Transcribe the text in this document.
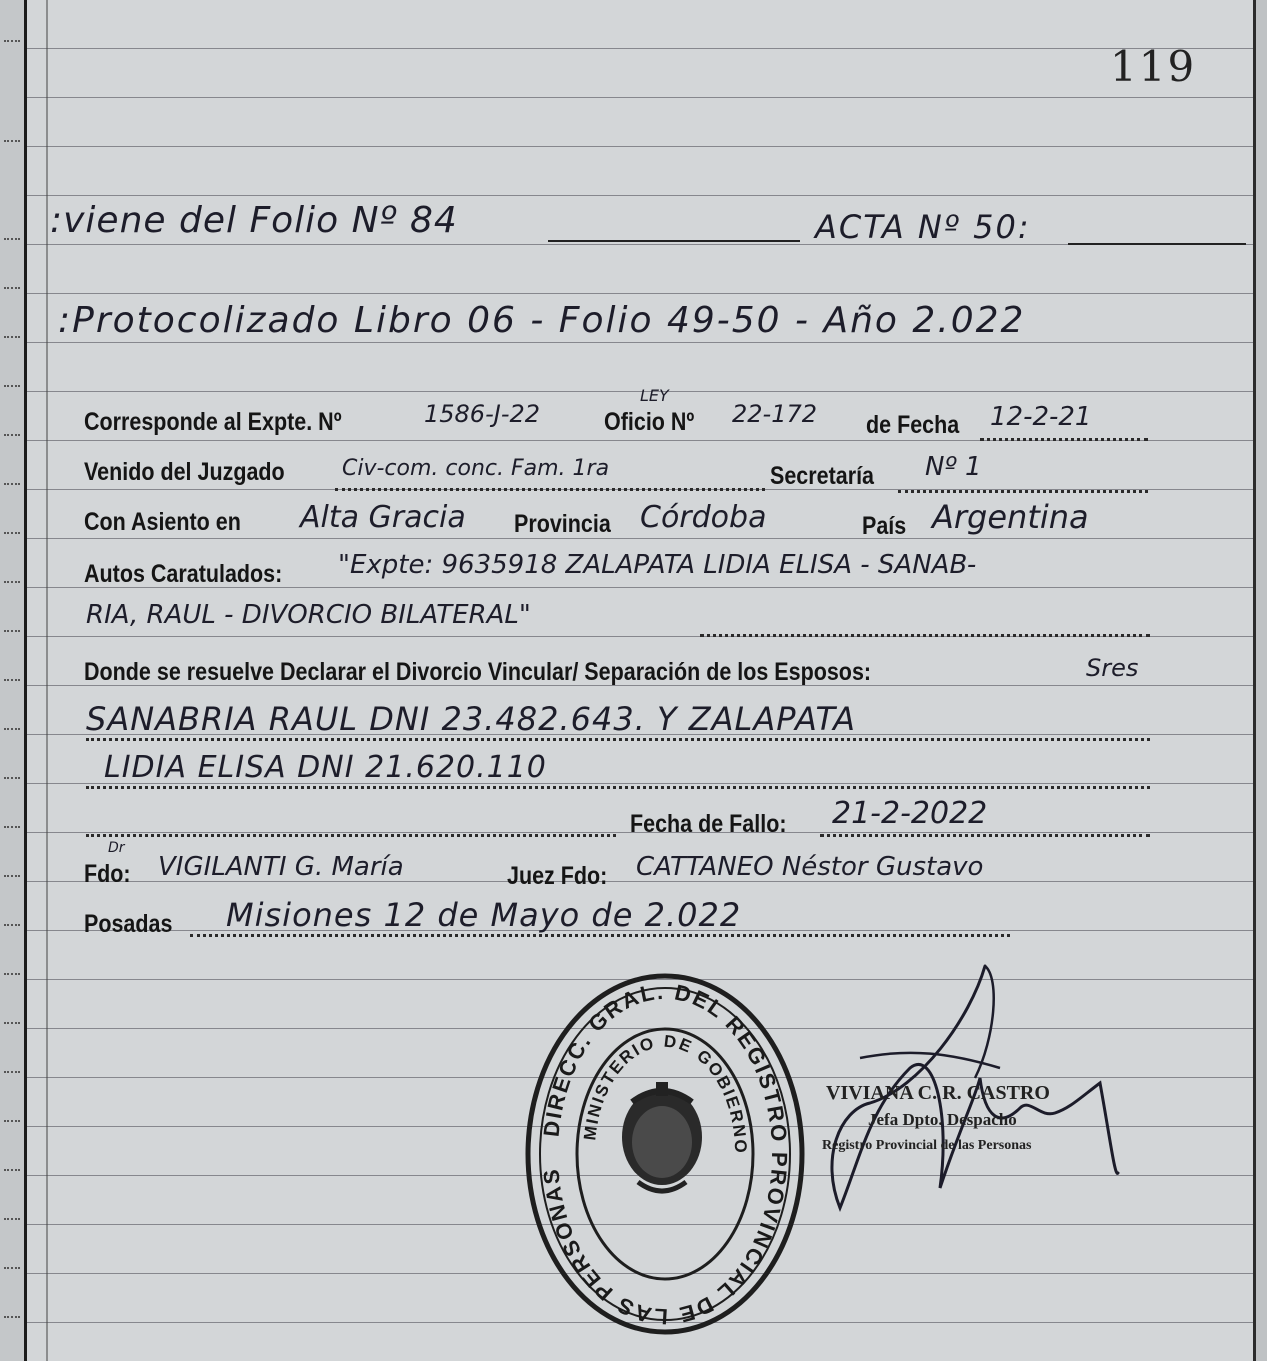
119
:viene del Folio Nº 84	ACTA Nº 50:
:Protocolizado Libro 06 - Folio 49-50 - Año 2.022
Corresponde al Expte. Nº	1586-J-22
LEY
Oficio Nº 22-172 de Fecha 12-2-21
Venido del Juzgado	Civ-com. conc. Fam. 1ra	Secretaría Nº 1
Con Asiento en Alta Gracia Provincia Córdoba	País Argentina
Autos Caratulados: "Expte: 9635918 ZALAPATA LIDIA ELISA - SANAB-
RIA, RAUL - DIVORCIO BILATERAL"
Donde se resuelve Declarar el Divorcio Vincular/ Separación de los Esposos:	Sres
SANABRIA RAUL DNI 23.482.643. Y ZALAPATA
LIDIA ELISA DNI 21.620.110
Fecha de Fallo: 21-2-2022
Dr
Fdo: VIGILANTI G. María	Juez Fdo: CATTANEO Néstor Gustavo
Posadas Misiones 12 de Mayo de 2.022
DIRECC. GRAL. DEL REGISTRO PROVINCIAL DE LAS PERSONAS
MINISTERIO DE GOBIERNO
VIVIANA C. R. CASTRO
Jefa Dpto. Despacho
Registro Provincial de las Personas
